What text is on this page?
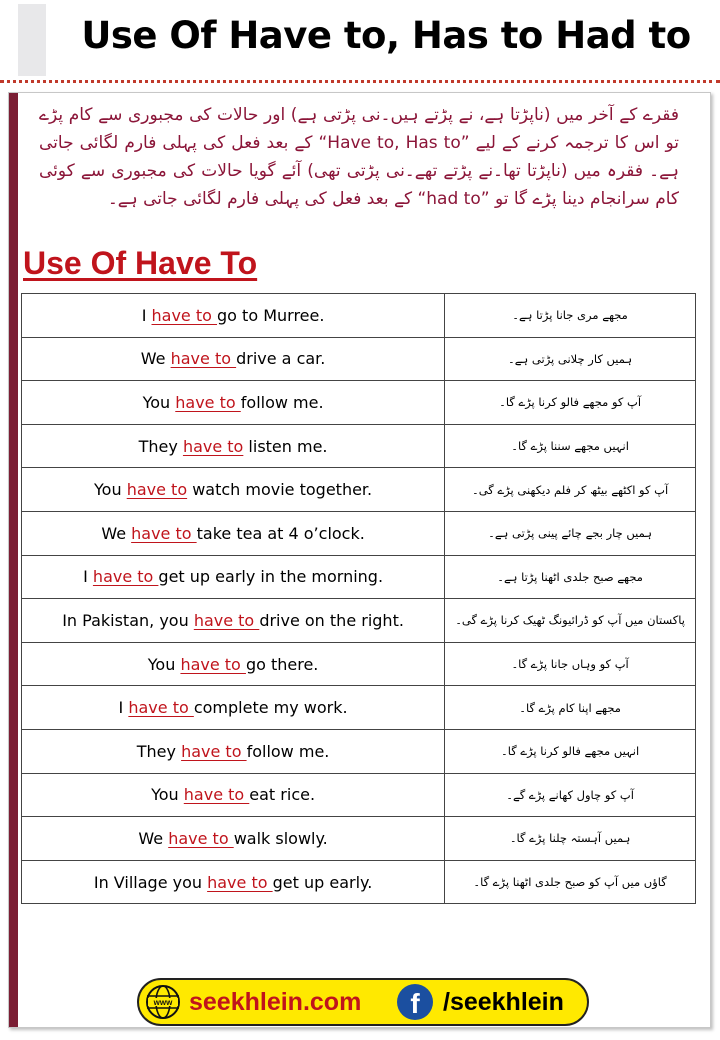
Use Of Have to, Has to Had to
فقرے کے آخر میں (ناپڑتا ہے، نے پڑتے ہیں۔نی پڑتی ہے) اور حالات کی مجبوری سے کام پڑے تو اس کا ترجمہ کرنے کے لیے ”Have to, Has to“ کے بعد فعل کی پہلی فارم لگائی جاتی ہے۔ فقرہ میں (ناپڑتا تھا۔نے پڑتے تھے۔نی پڑتی تھی) آئے گویا حالات کی مجبوری سے کوئی کام سرانجام دینا پڑے گا تو ”had to“ کے بعد فعل کی پہلی فارم لگائی جاتی ہے۔
Use Of Have To
I have to go to Murree.	مجھے مری جانا پڑتا ہے۔
We have to drive a car.	ہمیں کار چلانی پڑتی ہے۔
You have to follow me.	آپ کو مجھے فالو کرنا پڑے گا۔
They have to listen me.	انہیں مجھے سننا پڑے گا۔
You have to watch movie together.	آپ کو اکٹھے بیٹھ کر فلم دیکھنی پڑے گی۔
We have to take tea at 4 o’clock.	ہمیں چار بجے چائے پینی پڑتی ہے۔
I have to get up early in the morning.	مجھے صبح جلدی اٹھنا پڑتا ہے۔
In Pakistan, you have to drive on the right.	پاکستان میں آپ کو ڈرائیونگ ٹھیک کرنا پڑے گی۔
You have to go there.	آپ کو وہاں جانا پڑے گا۔
I have to complete my work.	مجھے اپنا کام پڑے گا۔
They have to follow me.	انہیں مجھے فالو کرنا پڑے گا۔
You have to eat rice.	آپ کو چاول کھانے پڑے گے۔
We have to walk slowly.	ہمیں آہستہ چلنا پڑے گا۔
In Village you have to get up early.	گاؤں میں آپ کو صبح جلدی اٹھنا پڑے گا۔
www seekhlein.com	f /seekhlein
